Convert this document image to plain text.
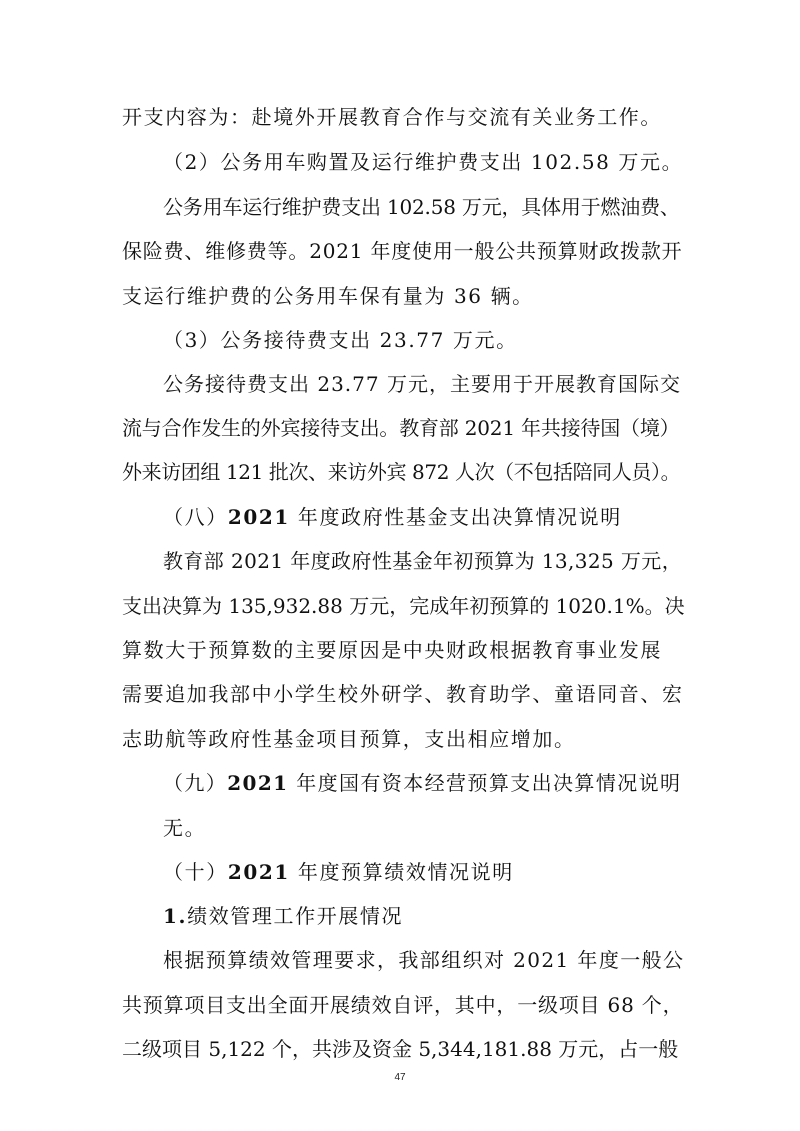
开支内容为：赴境外开展教育合作与交流有关业务工作。
（2）公务用车购置及运行维护费支出 102.58 万元。
公务用车运行维护费支出 102.58 万元，具体用于燃油费、
保险费、维修费等。2021 年度使用一般公共预算财政拨款开
支运行维护费的公务用车保有量为 36 辆。
（3）公务接待费支出 23.77 万元。
公务接待费支出 23.77 万元，主要用于开展教育国际交
流与合作发生的外宾接待支出。教育部 2021 年共接待国（境）
外来访团组 121 批次、来访外宾 872 人次（不包括陪同人员）。
（八）2021 年度政府性基金支出决算情况说明
教育部 2021 年度政府性基金年初预算为 13,325 万元，
支出决算为 135,932.88 万元，完成年初预算的 1020.1%。决
算数大于预算数的主要原因是中央财政根据教育事业发展
需要追加我部中小学生校外研学、教育助学、童语同音、宏
志助航等政府性基金项目预算，支出相应增加。
（九）2021 年度国有资本经营预算支出决算情况说明
无。
（十）2021 年度预算绩效情况说明
1.绩效管理工作开展情况
根据预算绩效管理要求，我部组织对 2021 年度一般公
共预算项目支出全面开展绩效自评，其中，一级项目 68 个，
二级项目 5,122 个，共涉及资金 5,344,181.88 万元，占一般
47
